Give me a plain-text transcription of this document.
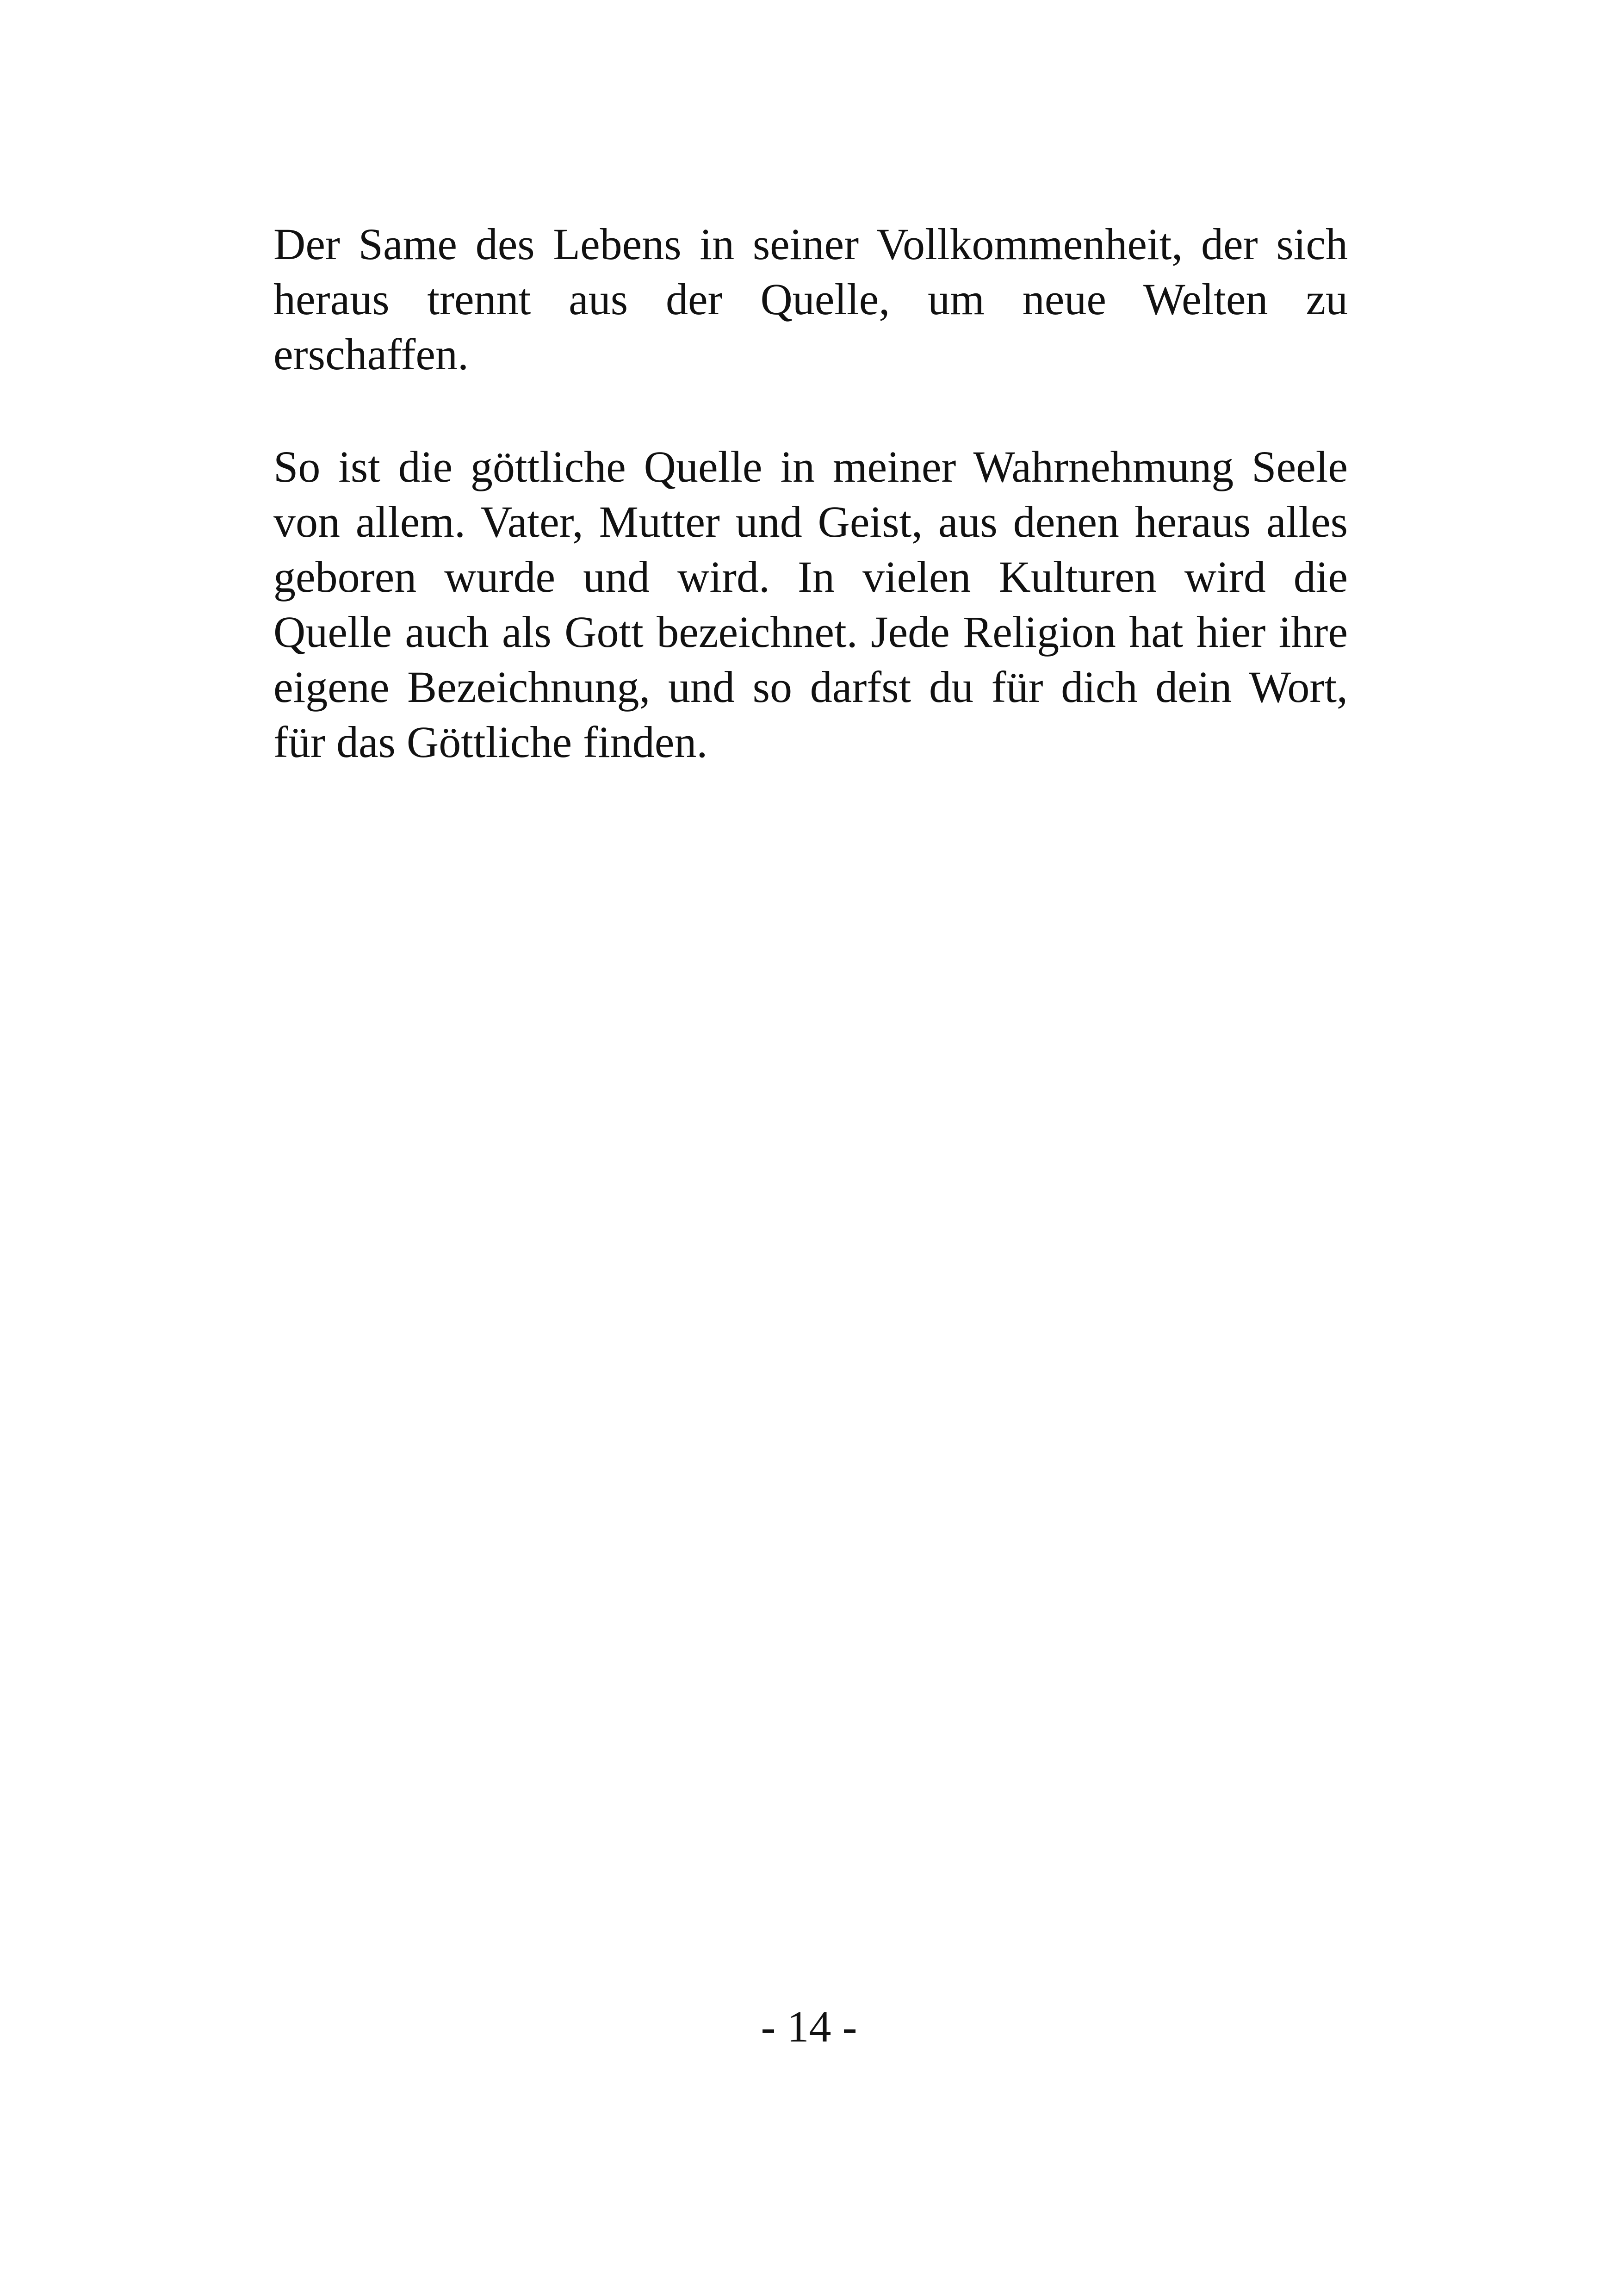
Der Same des Lebens in seiner Vollkommenheit, der sich
heraus trennt aus der Quelle, um neue Welten zu
erschaffen.

So ist die göttliche Quelle in meiner Wahrnehmung Seele
von allem. Vater, Mutter und Geist, aus denen heraus alles
geboren wurde und wird. In vielen Kulturen wird die
Quelle auch als Gott bezeichnet. Jede Religion hat hier ihre
eigene Bezeichnung, und so darfst du für dich dein Wort,
für das Göttliche finden.

- 14 -
